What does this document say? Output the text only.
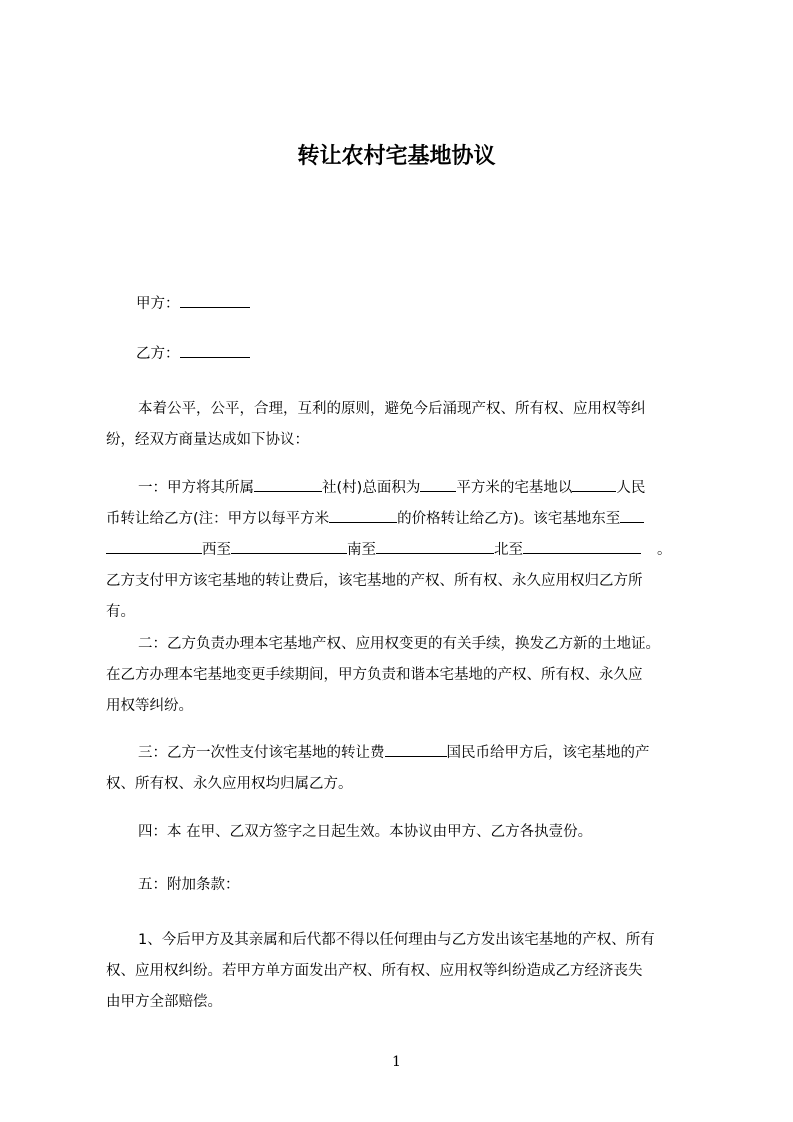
转让农村宅基地协议
甲方：
乙方：
本着公平，公平，合理，互利的原则，避免今后涌现产权、所有权、应用权等纠
纷，经双方商量达成如下协议：
一：甲方将其所属	社(村)总面积为 平方米的宅基地以	人民
币转让给乙方(注：甲方以每平方米	的价格转让给乙方)。该宅基地东至
西至	南至	北至	。
乙方支付甲方该宅基地的转让费后，该宅基地的产权、所有权、永久应用权归乙方所
有。
二：乙方负责办理本宅基地产权、应用权变更的有关手续，换发乙方新的土地证。
在乙方办理本宅基地变更手续期间，甲方负责和谐本宅基地的产权、所有权、永久应
用权等纠纷。
三：乙方一次性支付该宅基地的转让费	国民币给甲方后，该宅基地的产
权、所有权、永久应用权均归属乙方。
四：本 在甲、乙双方签字之日起生效。本协议由甲方、乙方各执壹份。
五：附加条款：
1、今后甲方及其亲属和后代都不得以任何理由与乙方发出该宅基地的产权、所有
权、应用权纠纷。若甲方单方面发出产权、所有权、应用权等纠纷造成乙方经济丧失
由甲方全部赔偿。
1
